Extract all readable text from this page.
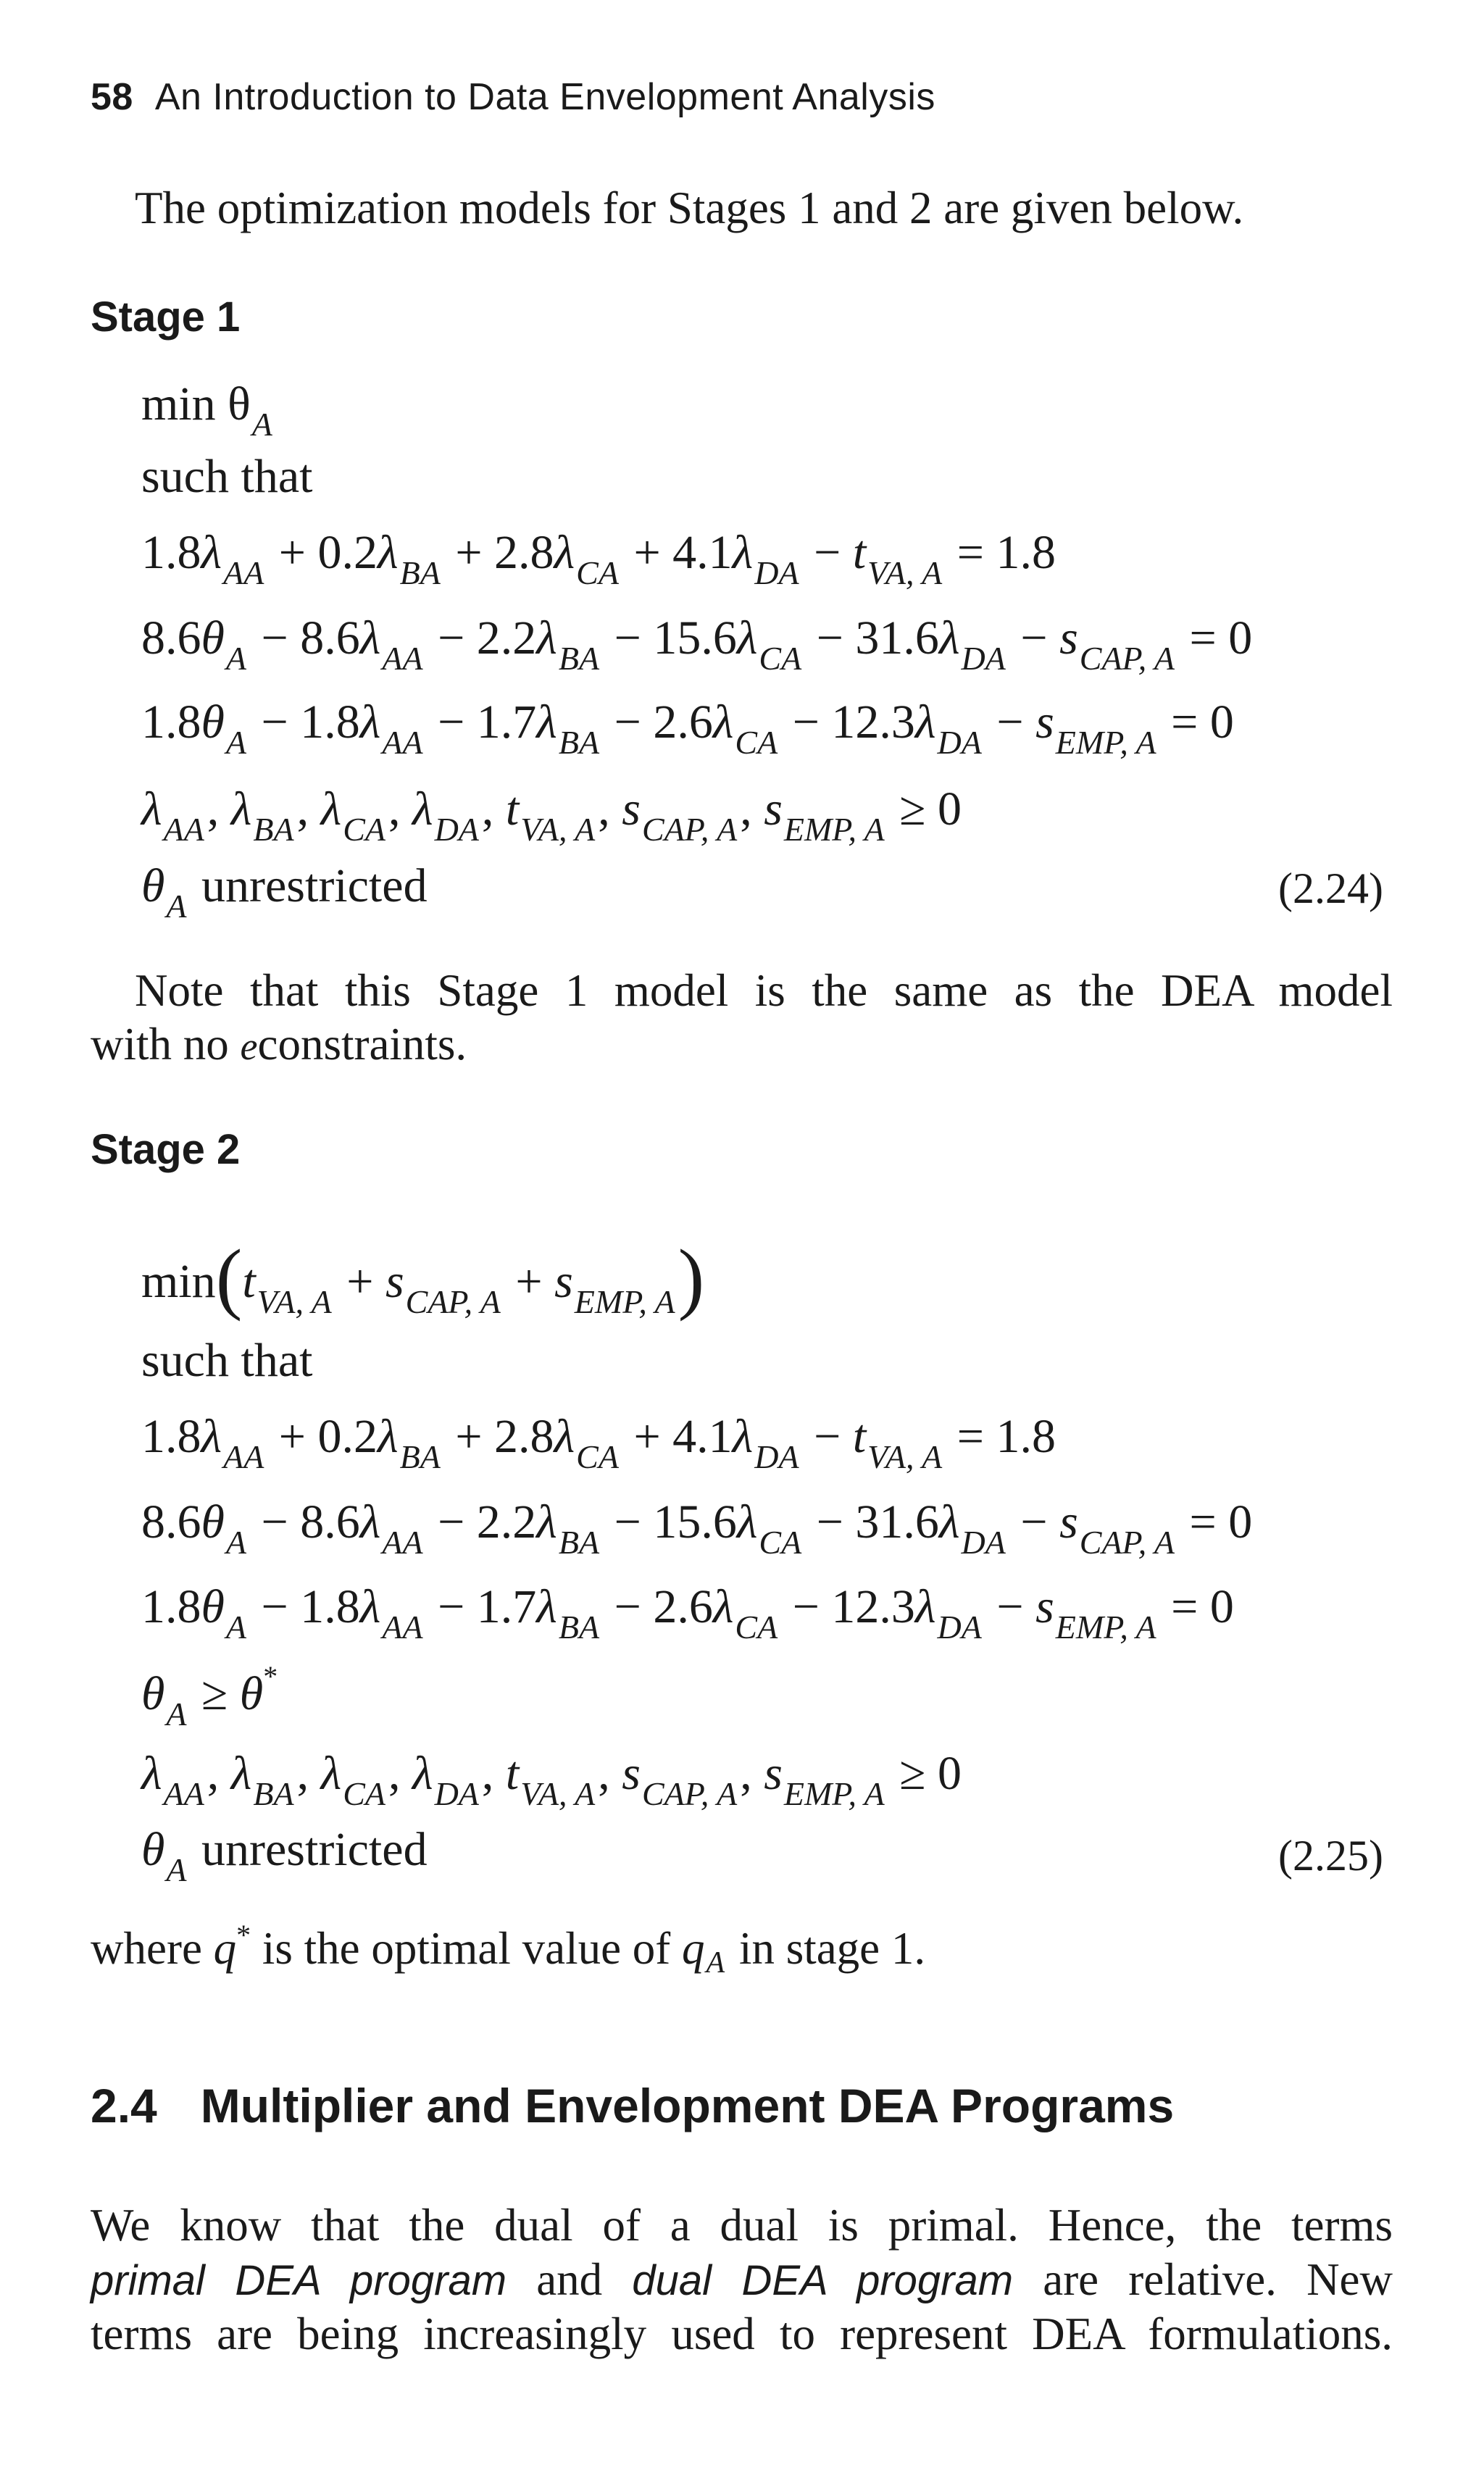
58 An Introduction to Data Envelopment Analysis
The optimization models for Stages 1 and 2 are given below.
Stage 1
$\min \theta_A$
such that
$1.8\lambda_{AA} + 0.2\lambda_{BA} + 2.8\lambda_{CA} + 4.1\lambda_{DA} - t_{VA, A} = 1.8$
$8.6\theta_A - 8.6\lambda_{AA} - 2.2\lambda_{BA} - 15.6\lambda_{CA} - 31.6\lambda_{DA} - s_{CAP, A} = 0$
$1.8\theta_A - 1.8\lambda_{AA} - 1.7\lambda_{BA} - 2.6\lambda_{CA} - 12.3\lambda_{DA} - s_{EMP, A} = 0$
$\lambda_{AA}$, $\lambda_{BA}$, $\lambda_{CA}$, $\lambda_{DA}$, $t_{VA, A}$, $s_{CAP, A}$, $s_{EMP, A} \ge 0$
$\theta_A$ unrestricted	(2.24)
Note that this Stage 1 model is the same as the DEA model
with no econstraints.
Stage 2
$\min(t_{VA, A} + s_{CAP, A} + s_{EMP, A})$
such that
$1.8\lambda_{AA} + 0.2\lambda_{BA} + 2.8\lambda_{CA} + 4.1\lambda_{DA} - t_{VA, A} = 1.8$
$8.6\theta_A - 8.6\lambda_{AA} - 2.2\lambda_{BA} - 15.6\lambda_{CA} - 31.6\lambda_{DA} - s_{CAP, A} = 0$
$1.8\theta_A - 1.8\lambda_{AA} - 1.7\lambda_{BA} - 2.6\lambda_{CA} - 12.3\lambda_{DA} - s_{EMP, A} = 0$
$\theta_A \ge \theta^*$
$\lambda_{AA}$, $\lambda_{BA}$, $\lambda_{CA}$, $\lambda_{DA}$, $t_{VA, A}$, $s_{CAP, A}$, $s_{EMP, A} \ge 0$
$\theta_A$ unrestricted	(2.25)
where q* is the optimal value of qA in stage 1.
2.4 Multiplier and Envelopment DEA Programs
We know that the dual of a dual is primal. Hence, the terms
primal DEA program and dual DEA program are relative. New
terms are being increasingly used to represent DEA formulations.
